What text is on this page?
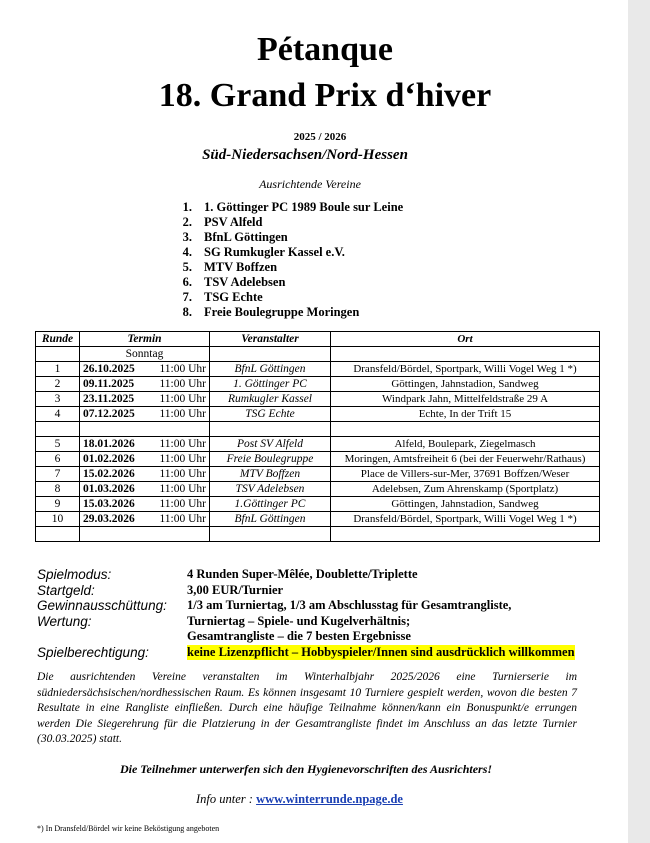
Pétanque
18. Grand Prix d‘hiver
2025 / 2026
Süd-Niedersachsen/Nord-Hessen
Ausrichtende Vereine
1. 1. Göttinger PC 1989 Boule sur Leine
2. PSV Alfeld
3. BfnL Göttingen
4. SG Rumkugler Kassel e.V.
5. MTV Boffzen
6. TSV Adelebsen
7. TSG Echte
8. Freie Boulegruppe Moringen
Runde	Termin		Veranstalter	Ort
	Sonntag			
1	26.10.2025	11:00 Uhr	BfnL Göttingen	Dransfeld/Bördel, Sportpark, Willi Vogel Weg 1 *)
2	09.11.2025	11:00 Uhr	1. Göttinger PC	Göttingen, Jahnstadion, Sandweg
3	23.11.2025	11:00 Uhr	Rumkugler Kassel	Windpark Jahn, Mittelfeldstraße 29 A
4	07.12.2025	11:00 Uhr	TSG Echte	Echte, In der Trift 15

5	18.01.2026	11:00 Uhr	Post SV Alfeld	Alfeld, Boulepark, Ziegelmasch
6	01.02.2026	11:00 Uhr	Freie Boulegruppe	Moringen, Amtsfreiheit 6 (bei der Feuerwehr/Rathaus)
7	15.02.2026	11:00 Uhr	MTV Boffzen	Place de Villers-sur-Mer, 37691 Boffzen/Weser
8	01.03.2026	11:00 Uhr	TSV Adelebsen	Adelebsen, Zum Ahrenskamp (Sportplatz)
9	15.03.2026	11:00 Uhr	1.Göttinger PC	Göttingen, Jahnstadion, Sandweg
10	29.03.2026	11:00 Uhr	BfnL Göttingen	Dransfeld/Bördel, Sportpark, Willi Vogel Weg 1 *)

Spielmodus:	4 Runden Super-Mêlée, Doublette/Triplette
Startgeld:	3,00 EUR/Turnier
Gewinnausschüttung: 1/3 am Turniertag, 1/3 am Abschlusstag für Gesamtrangliste,
Wertung:	Turniertag – Spiele- und Kugelverhältnis;
Gesamtrangliste – die 7 besten Ergebnisse
Spielberechtigung:	keine Lizenzpflicht – Hobbyspieler/Innen sind ausdrücklich willkommen
Die ausrichtenden Vereine veranstalten im Winterhalbjahr 2025/2026 eine Turnierserie im südniedersächsischen/nordhessischen Raum. Es können insgesamt 10 Turniere gespielt werden, wovon die besten 7 Resultate in eine Rangliste einfließen. Durch eine häufige Teilnahme können/kann ein Bonuspunkt/e errungen werden Die Siegerehrung für die Platzierung in der Gesamtrangliste findet im Anschluss an das letzte Turnier (30.03.2025) statt.
Die Teilnehmer unterwerfen sich den Hygienevorschriften des Ausrichters!
Info unter : www.winterrunde.npage.de
*) In Dransfeld/Bördel wir keine Beköstigung angeboten
